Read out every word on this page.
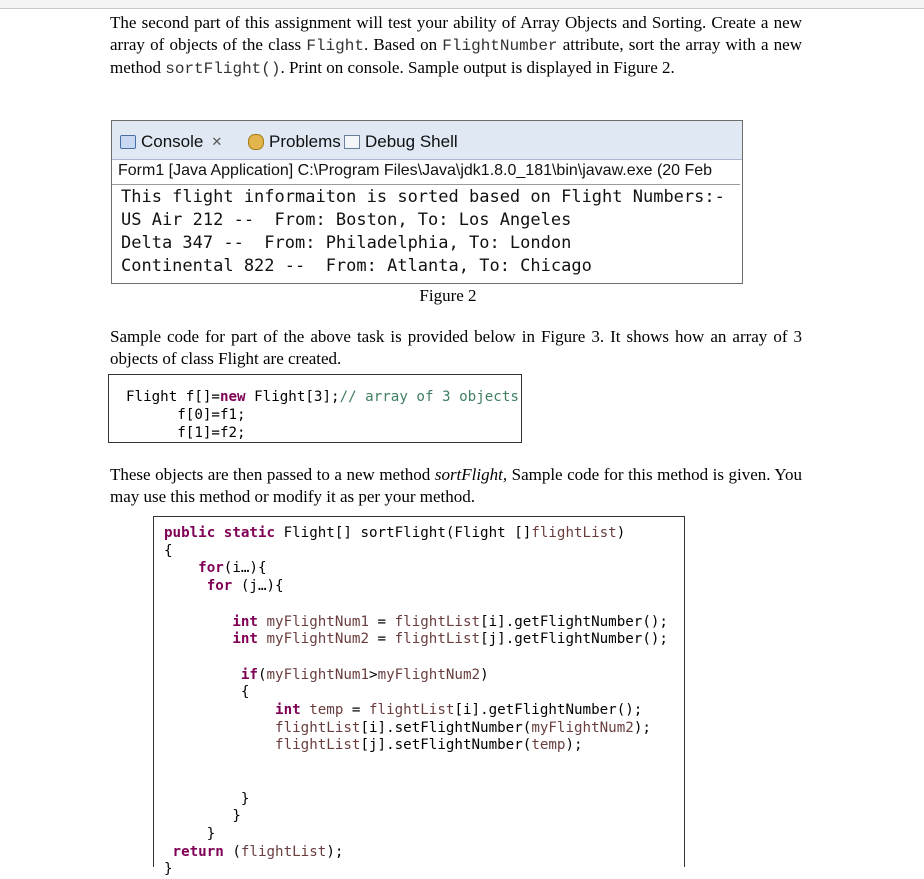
The second part of this assignment will test your ability of Array Objects and Sorting. Create a new array of objects of the class Flight. Based on FlightNumber attribute, sort the array with a new method sortFlight(). Print on console. Sample output is displayed in Figure 2.

Console ✕	Problems Debug Shell
Form1 [Java Application] C:\Program Files\Java\jdk1.8.0_181\bin\javaw.exe (20 Feb
This flight informaiton is sorted based on Flight Numbers:-
US Air 212 --  From: Boston, To: Los Angeles
Delta 347 --  From: Philadelphia, To: London
Continental 822 --  From: Atlanta, To: Chicago
Figure 2

Sample code for part of the above task is provided below in Figure 3. It shows how an array of 3 objects of class Flight are created.

Flight f[]=new Flight[3];// array of 3 objects
f[0]=f1;
f[1]=f2;

These objects are then passed to a new method sortFlight, Sample code for this method is given. You may use this method or modify it as per your method.

public static Flight[] sortFlight(Flight []flightList)
{
for(i…){
for (j…){

int myFlightNum1 = flightList[i].getFlightNumber();
int myFlightNum2 = flightList[j].getFlightNumber();

if(myFlightNum1>myFlightNum2)
{
int temp = flightList[i].getFlightNumber();
flightList[i].setFlightNumber(myFlightNum2);
flightList[j].setFlightNumber(temp);

}
}
}
return (flightList);
}
